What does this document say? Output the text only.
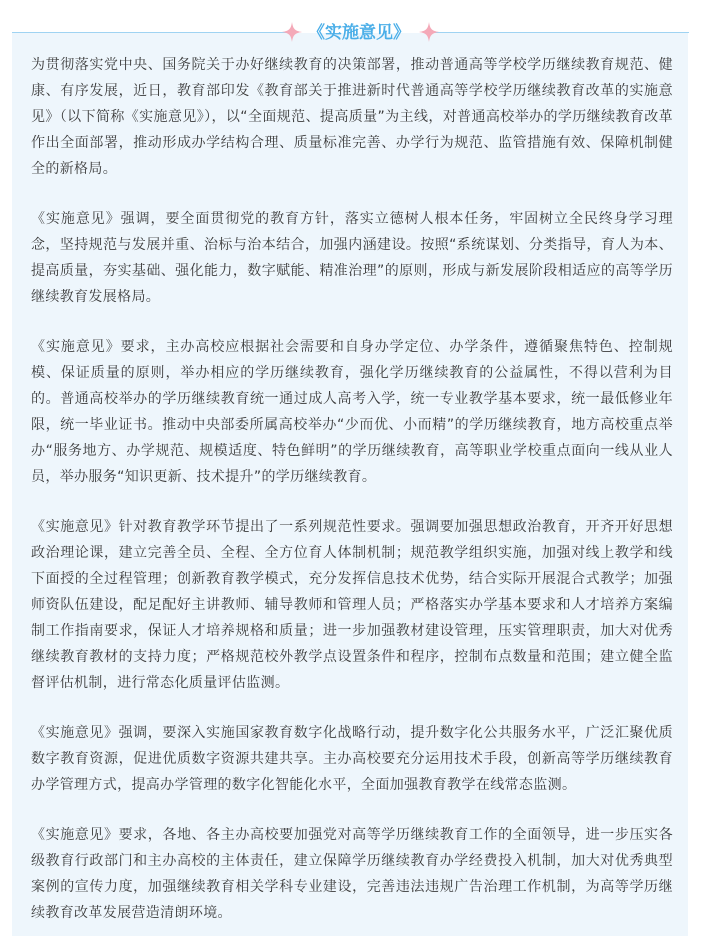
《实施意见》

为贯彻落实党中央、国务院关于办好继续教育的决策部署，推动普通高等学校学历继续教育规范、健康、有序发展，近日，教育部印发《教育部关于推进新时代普通高等学校学历继续教育改革的实施意见》（以下简称《实施意见》），以“全面规范、提高质量”为主线，对普通高校举办的学历继续教育改革作出全面部署，推动形成办学结构合理、质量标准完善、办学行为规范、监管措施有效、保障机制健全的新格局。

《实施意见》强调，要全面贯彻党的教育方针，落实立德树人根本任务，牢固树立全民终身学习理念，坚持规范与发展并重、治标与治本结合，加强内涵建设。按照“系统谋划、分类指导，育人为本、提高质量，夯实基础、强化能力，数字赋能、精准治理”的原则，形成与新发展阶段相适应的高等学历继续教育发展格局。

《实施意见》要求，主办高校应根据社会需要和自身办学定位、办学条件，遵循聚焦特色、控制规模、保证质量的原则，举办相应的学历继续教育，强化学历继续教育的公益属性，不得以营利为目的。普通高校举办的学历继续教育统一通过成人高考入学，统一专业教学基本要求，统一最低修业年限，统一毕业证书。推动中央部委所属高校举办“少而优、小而精”的学历继续教育，地方高校重点举办“服务地方、办学规范、规模适度、特色鲜明”的学历继续教育，高等职业学校重点面向一线从业人员，举办服务“知识更新、技术提升”的学历继续教育。

《实施意见》针对教育教学环节提出了一系列规范性要求。强调要加强思想政治教育，开齐开好思想政治理论课，建立完善全员、全程、全方位育人体制机制；规范教学组织实施，加强对线上教学和线下面授的全过程管理；创新教育教学模式，充分发挥信息技术优势，结合实际开展混合式教学；加强师资队伍建设，配足配好主讲教师、辅导教师和管理人员；严格落实办学基本要求和人才培养方案编制工作指南要求，保证人才培养规格和质量；进一步加强教材建设管理，压实管理职责，加大对优秀继续教育教材的支持力度；严格规范校外教学点设置条件和程序，控制布点数量和范围；建立健全监督评估机制，进行常态化质量评估监测。

《实施意见》强调，要深入实施国家教育数字化战略行动，提升数字化公共服务水平，广泛汇聚优质数字教育资源，促进优质数字资源共建共享。主办高校要充分运用技术手段，创新高等学历继续教育办学管理方式，提高办学管理的数字化智能化水平，全面加强教育教学在线常态监测。

《实施意见》要求，各地、各主办高校要加强党对高等学历继续教育工作的全面领导，进一步压实各级教育行政部门和主办高校的主体责任，建立保障学历继续教育办学经费投入机制，加大对优秀典型案例的宣传力度，加强继续教育相关学科专业建设，完善违法违规广告治理工作机制，为高等学历继续教育改革发展营造清朗环境。
